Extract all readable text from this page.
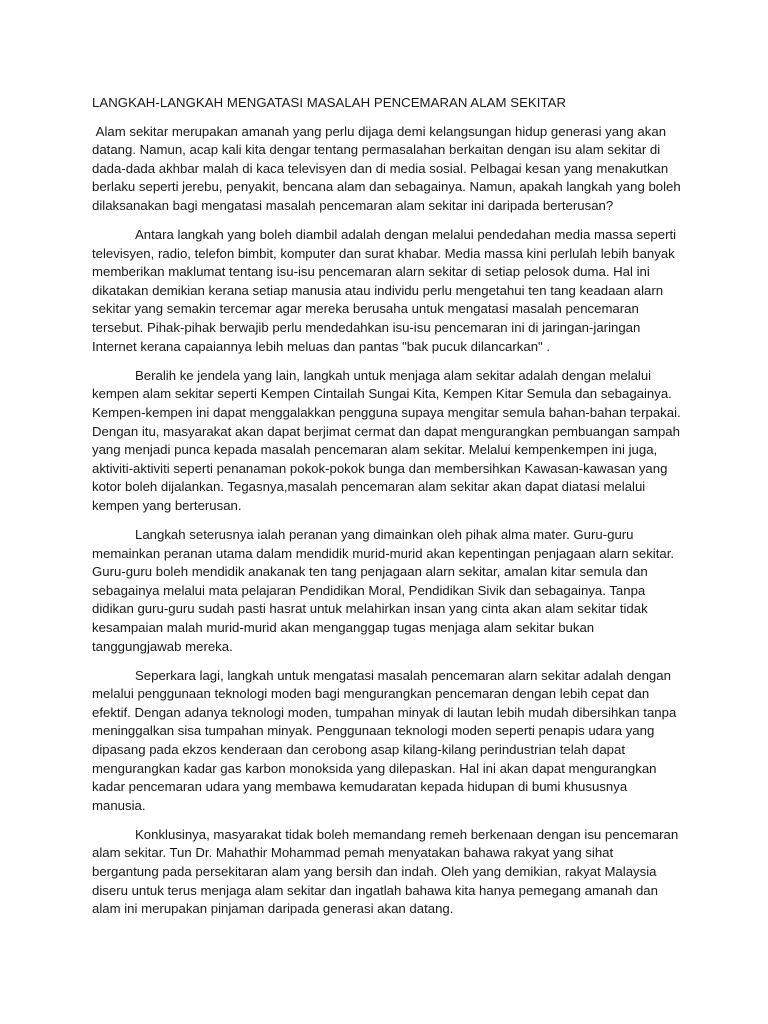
LANGKAH-LANGKAH MENGATASI MASALAH PENCEMARAN ALAM SEKITAR

Alam sekitar merupakan amanah yang perlu dijaga demi kelangsungan hidup generasi yang akan datang. Namun, acap kali kita dengar tentang permasalahan berkaitan dengan isu alam sekitar di dada-dada akhbar malah di kaca televisyen dan di media sosial. Pelbagai kesan yang menakutkan berlaku seperti jerebu, penyakit, bencana alam dan sebagainya. Namun, apakah langkah yang boleh dilaksanakan bagi mengatasi masalah pencemaran alam sekitar ini daripada berterusan?

Antara langkah yang boleh diambil adalah dengan melalui pendedahan media massa seperti televisyen, radio, telefon bimbit, komputer dan surat khabar. Media massa kini perlulah lebih banyak memberikan maklumat tentang isu-isu pencemaran alarn sekitar di setiap pelosok duma. Hal ini dikatakan demikian kerana setiap manusia atau individu perlu mengetahui ten tang keadaan alarn sekitar yang semakin tercemar agar mereka berusaha untuk mengatasi masalah pencemaran tersebut. Pihak-pihak berwajib perlu mendedahkan isu-isu pencemaran ini di jaringan-jaringan Internet kerana capaiannya lebih meluas dan pantas "bak pucuk dilancarkan" .

Beralih ke jendela yang lain, langkah untuk menjaga alam sekitar adalah dengan melalui kempen alam sekitar seperti Kempen Cintailah Sungai Kita, Kempen Kitar Semula dan sebagainya. Kempen-kempen ini dapat menggalakkan pengguna supaya mengitar semula bahan-bahan terpakai. Dengan itu, masyarakat akan dapat berjimat cermat dan dapat mengurangkan pembuangan sampah yang menjadi punca kepada masalah pencemaran alam sekitar. Melalui kempenkempen ini juga, aktiviti-aktiviti seperti penanaman pokok-pokok bunga dan membersihkan Kawasan-kawasan yang kotor boleh dijalankan. Tegasnya,masalah pencemaran alam sekitar akan dapat diatasi melalui kempen yang berterusan.

Langkah seterusnya ialah peranan yang dimainkan oleh pihak alma mater. Guru-guru memainkan peranan utama dalam mendidik murid-murid akan kepentingan penjagaan alarn sekitar. Guru-guru boleh mendidik anakanak ten tang penjagaan alarn sekitar, amalan kitar semula dan sebagainya melalui mata pelajaran Pendidikan Moral, Pendidikan Sivik dan sebagainya. Tanpa didikan guru-guru sudah pasti hasrat untuk melahirkan insan yang cinta akan alam sekitar tidak kesampaian malah murid-murid akan menganggap tugas menjaga alam sekitar bukan tanggungjawab mereka.

Seperkara lagi, langkah untuk mengatasi masalah pencemaran alarn sekitar adalah dengan melalui penggunaan teknologi moden bagi mengurangkan pencemaran dengan lebih cepat dan efektif. Dengan adanya teknologi moden, tumpahan minyak di lautan lebih mudah dibersihkan tanpa meninggalkan sisa tumpahan minyak. Penggunaan teknologi moden seperti penapis udara yang dipasang pada ekzos kenderaan dan cerobong asap kilang-kilang perindustrian telah dapat mengurangkan kadar gas karbon monoksida yang dilepaskan. Hal ini akan dapat mengurangkan kadar pencemaran udara yang membawa kemudaratan kepada hidupan di bumi khususnya manusia.

Konklusinya, masyarakat tidak boleh memandang remeh berkenaan dengan isu pencemaran alam sekitar. Tun Dr. Mahathir Mohammad pemah menyatakan bahawa rakyat yang sihat bergantung pada persekitaran alam yang bersih dan indah. Oleh yang demikian, rakyat Malaysia diseru untuk terus menjaga alam sekitar dan ingatlah bahawa kita hanya pemegang amanah dan alam ini merupakan pinjaman daripada generasi akan datang.
